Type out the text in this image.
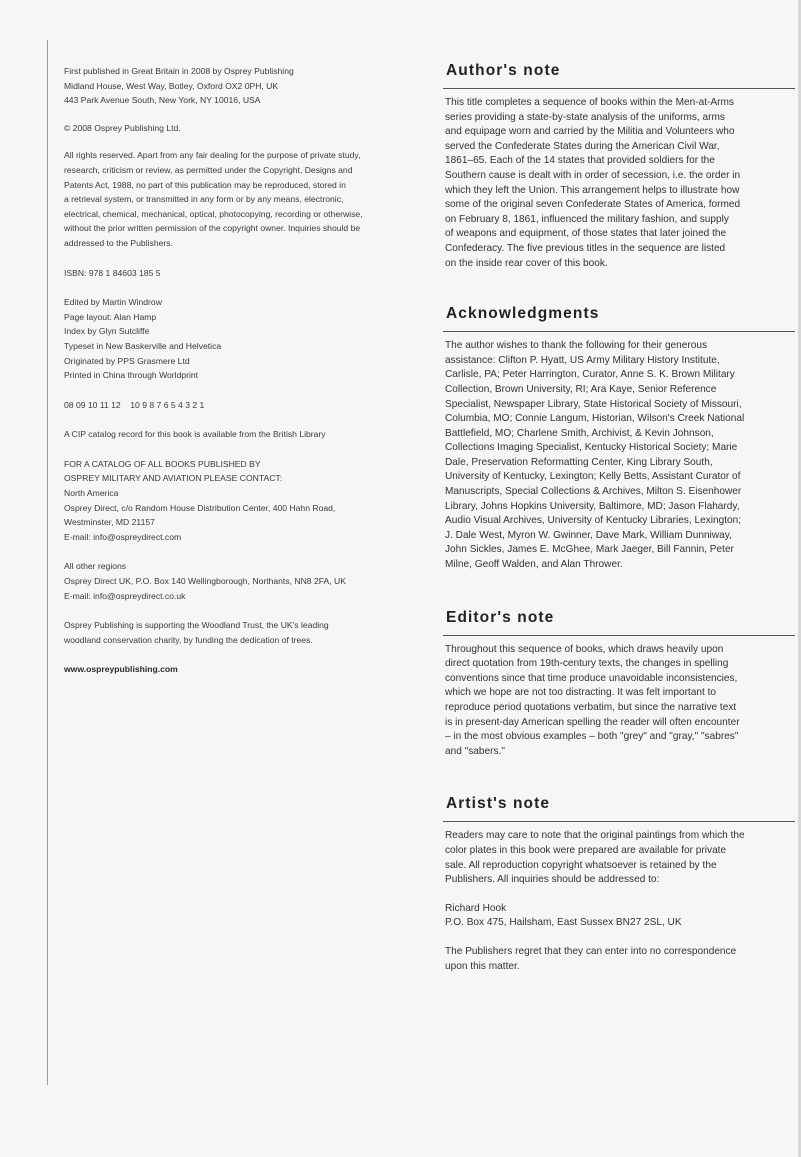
First published in Great Britain in 2008 by Osprey Publishing

Midland House, West Way, Botley, Oxford OX2 0PH, UK

443 Park Avenue South, New York, NY 10016, USA

© 2008 Osprey Publishing Ltd.

All rights reserved. Apart from any fair dealing for the purpose of private study,

research, criticism or review, as permitted under the Copyright, Designs and

Patents Act, 1988, no part of this publication may be reproduced, stored in

a retrieval system, or transmitted in any form or by any means, electronic,

electrical, chemical, mechanical, optical, photocopying, recording or otherwise,

without the prior written permission of the copyright owner. Inquiries should be

addressed to the Publishers.

ISBN: 978 1 84603 185 5

Edited by Martin Windrow

Page layout: Alan Hamp

Index by Glyn Sutcliffe

Typeset in New Baskerville and Helvetica

Originated by PPS Grasmere Ltd

Printed in China through Worldprint

08 09 10 11 12    10 9 8 7 6 5 4 3 2 1

A CIP catalog record for this book is available from the British Library

FOR A CATALOG OF ALL BOOKS PUBLISHED BY

OSPREY MILITARY AND AVIATION PLEASE CONTACT:

North America

Osprey Direct, c/o Random House Distribution Center, 400 Hahn Road,

Westminster, MD 21157

E-mail: info@ospreydirect.com

All other regions

Osprey Direct UK, P.O. Box 140 Wellingborough, Northants, NN8 2FA, UK

E-mail: info@ospreydirect.co.uk

Osprey Publishing is supporting the Woodland Trust, the UK's leading

woodland conservation charity, by funding the dedication of trees.

www.ospreypublishing.com

Author's note

This title completes a sequence of books within the Men-at-Arms

series providing a state-by-state analysis of the uniforms, arms

and equipage worn and carried by the Militia and Volunteers who

served the Confederate States during the American Civil War,

1861–65. Each of the 14 states that provided soldiers for the

Southern cause is dealt with in order of secession, i.e. the order in

which they left the Union. This arrangement helps to illustrate how

some of the original seven Confederate States of America, formed

on February 8, 1861, influenced the military fashion, and supply

of weapons and equipment, of those states that later joined the

Confederacy. The five previous titles in the sequence are listed

on the inside rear cover of this book.

Acknowledgments

The author wishes to thank the following for their generous

assistance: Clifton P. Hyatt, US Army Military History Institute,

Carlisle, PA; Peter Harrington, Curator, Anne S. K. Brown Military

Collection, Brown University, RI; Ara Kaye, Senior Reference

Specialist, Newspaper Library, State Historical Society of Missouri,

Columbia, MO; Connie Langum, Historian, Wilson's Creek National

Battlefield, MO; Charlene Smith, Archivist, & Kevin Johnson,

Collections Imaging Specialist, Kentucky Historical Society; Marie

Dale, Preservation Reformatting Center, King Library South,

University of Kentucky, Lexington; Kelly Betts, Assistant Curator of

Manuscripts, Special Collections & Archives, Milton S. Eisenhower

Library, Johns Hopkins University, Baltimore, MD; Jason Flahardy,

Audio Visual Archives, University of Kentucky Libraries, Lexington;

J. Dale West, Myron W. Gwinner, Dave Mark, William Dunniway,

John Sickles, James E. McGhee, Mark Jaeger, Bill Fannin, Peter

Milne, Geoff Walden, and Alan Thrower.

Editor's note

Throughout this sequence of books, which draws heavily upon

direct quotation from 19th-century texts, the changes in spelling

conventions since that time produce unavoidable inconsistencies,

which we hope are not too distracting. It was felt important to

reproduce period quotations verbatim, but since the narrative text

is in present-day American spelling the reader will often encounter

– in the most obvious examples – both "grey" and "gray," "sabres"

and "sabers."

Artist's note

Readers may care to note that the original paintings from which the

color plates in this book were prepared are available for private

sale. All reproduction copyright whatsoever is retained by the

Publishers. All inquiries should be addressed to:

Richard Hook

P.O. Box 475, Hailsham, East Sussex BN27 2SL, UK

The Publishers regret that they can enter into no correspondence

upon this matter.
